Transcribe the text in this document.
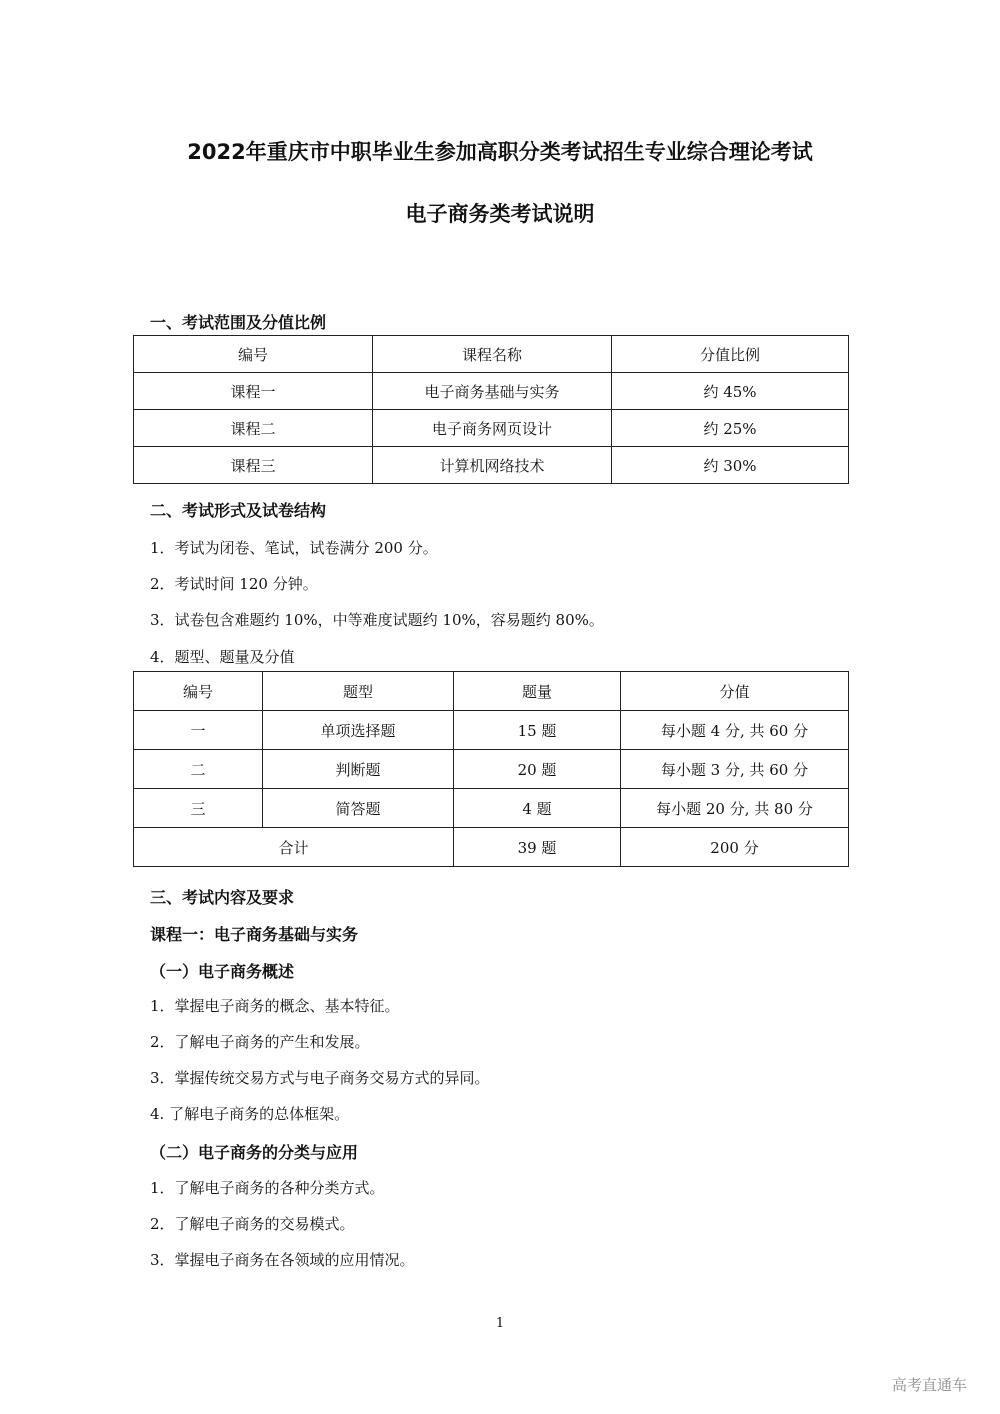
2022年重庆市中职毕业生参加高职分类考试招生专业综合理论考试
电子商务类考试说明
一、考试范围及分值比例
编号	课程名称	分值比例
课程一	电子商务基础与实务	约 45%
课程二	电子商务网页设计	约 25%
课程三	计算机网络技术	约 30%
二、考试形式及试卷结构
1．考试为闭卷、笔试，试卷满分 200 分。
2．考试时间 120 分钟。
3．试卷包含难题约 10%，中等难度试题约 10%，容易题约 80%。
4．题型、题量及分值
编号	题型	题量	分值
一	单项选择题	15 题	每小题 4 分, 共 60 分
二	判断题	20 题	每小题 3 分, 共 60 分
三	简答题	4 题	每小题 20 分, 共 80 分
合计		39 题	200 分
三、考试内容及要求
课程一：电子商务基础与实务
（一）电子商务概述
1．掌握电子商务的概念、基本特征。
2．了解电子商务的产生和发展。
3．掌握传统交易方式与电子商务交易方式的异同。
4. 了解电子商务的总体框架。
（二）电子商务的分类与应用
1．了解电子商务的各种分类方式。
2．了解电子商务的交易模式。
3．掌握电子商务在各领域的应用情况。
1
高考直通车
